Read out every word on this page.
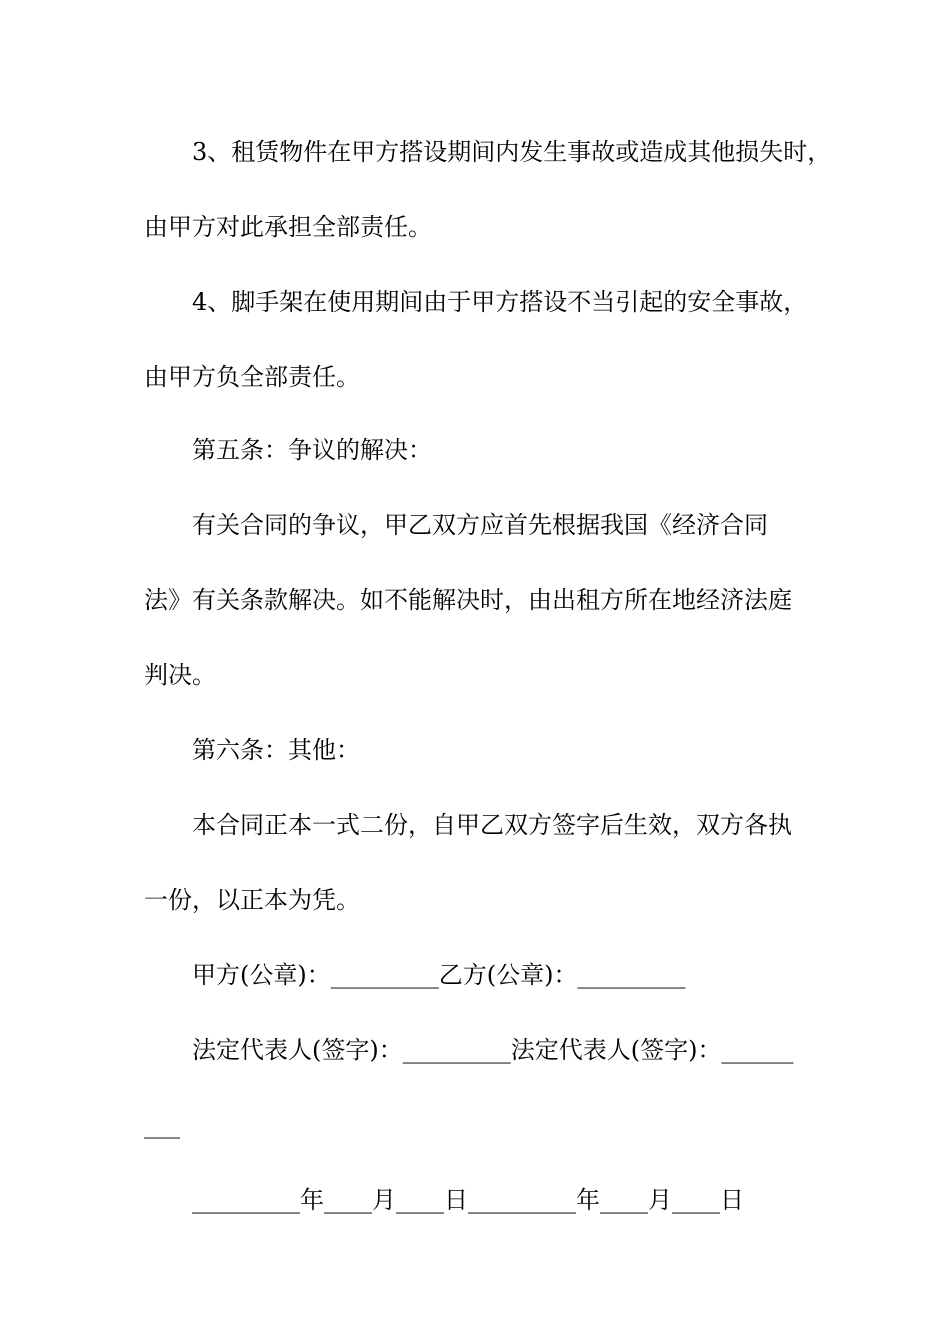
3、租赁物件在甲方搭设期间内发生事故或造成其他损失时，

由甲方对此承担全部责任。

4、脚手架在使用期间由于甲方搭设不当引起的安全事故，

由甲方负全部责任。

第五条：争议的解决：

有关合同的争议，甲乙双方应首先根据我国《经济合同

法》有关条款解决。如不能解决时，由出租方所在地经济法庭

判决。

第六条：其他：

本合同正本一式二份，自甲乙双方签字后生效，双方各执

一份，以正本为凭。

甲方(公章)：_________乙方(公章)：_________

法定代表人(签字)：_________法定代表人(签字)：______

___

_________年____月____日_________年____月____日
